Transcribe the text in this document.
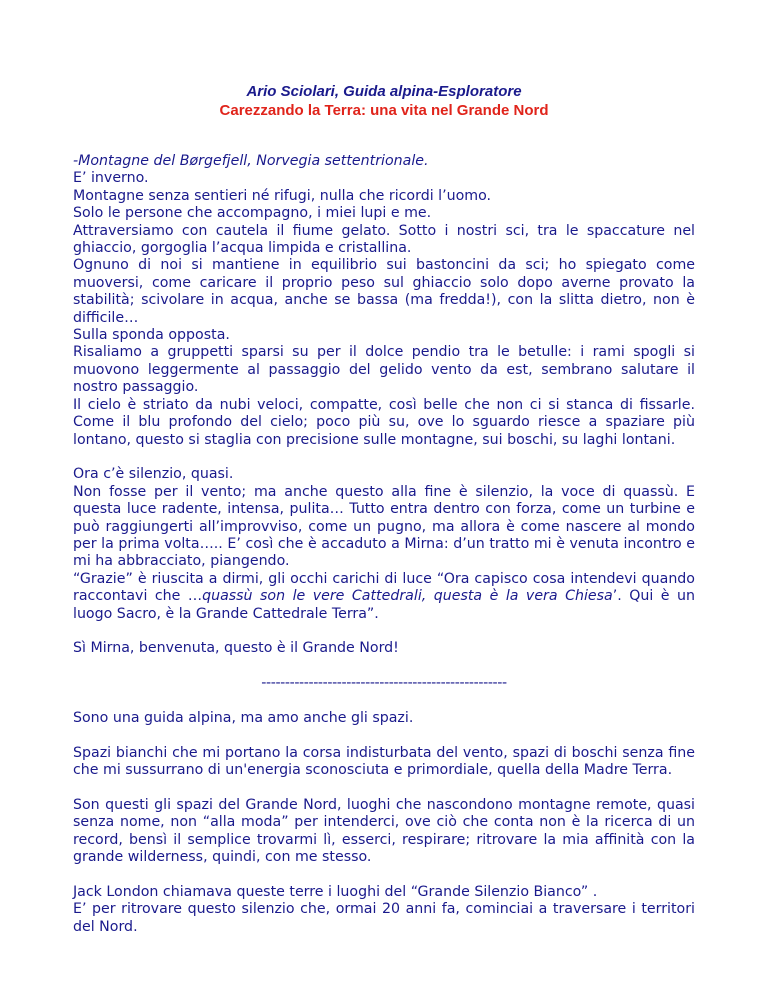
Ario Sciolari, Guida alpina-Esploratore
Carezzando la Terra: una vita nel Grande Nord

-Montagne del Børgefjell, Norvegia settentrionale.

E’ inverno.

Montagne senza sentieri né rifugi, nulla che ricordi l’uomo.

Solo le persone che accompagno, i miei lupi e me.

Attraversiamo con cautela il fiume gelato. Sotto i nostri sci, tra le spaccature nel ghiaccio, gorgoglia l’acqua limpida e cristallina.

Ognuno di noi si mantiene in equilibrio sui bastoncini da sci; ho spiegato come muoversi, come caricare il proprio peso sul ghiaccio solo dopo averne provato la stabilità; scivolare in acqua, anche se bassa (ma fredda!), con la slitta dietro, non è difficile…

Sulla sponda opposta.

Risaliamo a gruppetti sparsi su per il dolce pendio tra le betulle: i rami spogli si muovono leggermente al passaggio del gelido vento da est, sembrano salutare il nostro passaggio.

Il cielo è striato da nubi veloci, compatte, così belle che non ci si stanca di fissarle. Come il blu profondo del cielo; poco più su, ove lo sguardo riesce a spaziare più lontano, questo si staglia con precisione sulle montagne, sui boschi, su laghi lontani.

Ora c’è silenzio, quasi.

Non fosse per il vento; ma anche questo alla fine è silenzio, la voce di quassù. E questa luce radente, intensa, pulita… Tutto entra dentro con forza, come un turbine e può raggiungerti all’improvviso, come un pugno, ma allora è come nascere al mondo per la prima volta….. E’ così che è accaduto a Mirna: d’un tratto mi è venuta incontro e mi ha abbracciato, piangendo.

“Grazie” è riuscita a dirmi, gli occhi carichi di luce “Ora capisco cosa intendevi quando raccontavi che …quassù son le vere Cattedrali, questa è la vera Chiesa’. Qui è un luogo Sacro, è la Grande Cattedrale Terra”.

Sì Mirna, benvenuta, questo è il Grande Nord!

----------------------------------------------------

Sono una guida alpina, ma amo anche gli spazi.

Spazi bianchi che mi portano la corsa indisturbata del vento, spazi di boschi senza fine che mi sussurrano di un'energia sconosciuta e primordiale, quella della Madre Terra.

Son questi gli spazi del Grande Nord, luoghi che nascondono montagne remote, quasi senza nome, non “alla moda” per intenderci, ove ciò che conta non è la ricerca di un record, bensì il semplice trovarmi lì, esserci, respirare; ritrovare la mia affinità con la grande wilderness, quindi, con me stesso.

Jack London chiamava queste terre i luoghi del “Grande Silenzio Bianco” .

E’ per ritrovare questo silenzio che, ormai 20 anni fa, cominciai a traversare i territori del Nord.
